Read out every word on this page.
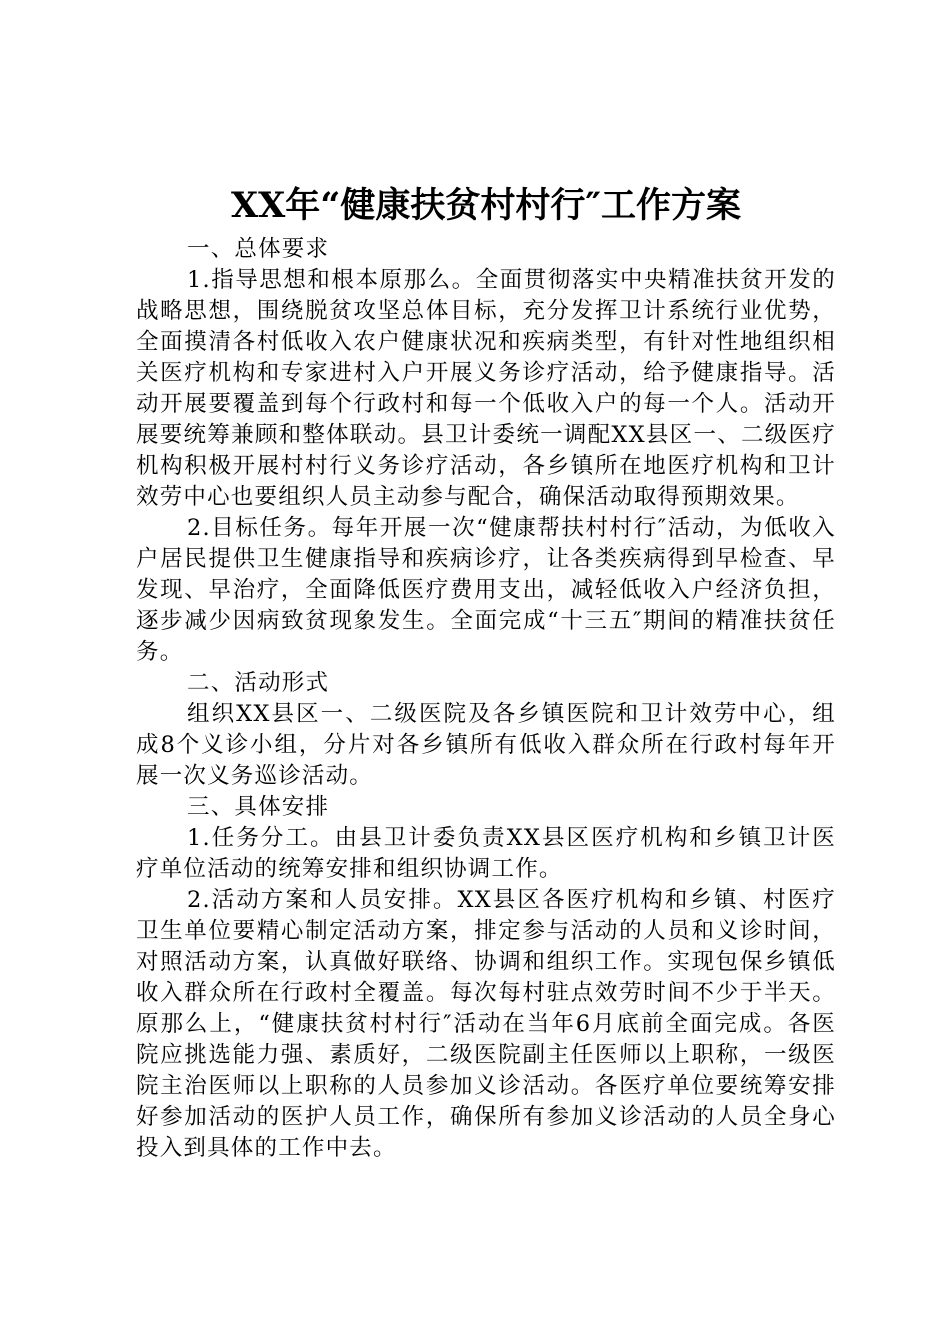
XX年“健康扶贫村村行″工作方案

一、总体要求

1.指导思想和根本原那么。全面贯彻落实中央精准扶贫开发的战略思想，围绕脱贫攻坚总体目标，充分发挥卫计系统行业优势，全面摸清各村低收入农户健康状况和疾病类型，有针对性地组织相关医疗机构和专家进村入户开展义务诊疗活动，给予健康指导。活动开展要覆盖到每个行政村和每一个低收入户的每一个人。活动开展要统筹兼顾和整体联动。县卫计委统一调配XX县区一、二级医疗机构积极开展村村行义务诊疗活动，各乡镇所在地医疗机构和卫计效劳中心也要组织人员主动参与配合，确保活动取得预期效果。

2.目标任务。每年开展一次“健康帮扶村村行″活动，为低收入户居民提供卫生健康指导和疾病诊疗，让各类疾病得到早检查、早发现、早治疗，全面降低医疗费用支出，减轻低收入户经济负担，逐步减少因病致贫现象发生。全面完成“十三五″期间的精准扶贫任务。

二、活动形式

组织XX县区一、二级医院及各乡镇医院和卫计效劳中心，组成8个义诊小组，分片对各乡镇所有低收入群众所在行政村每年开展一次义务巡诊活动。

三、具体安排

1.任务分工。由县卫计委负责XX县区医疗机构和乡镇卫计医疗单位活动的统筹安排和组织协调工作。

2.活动方案和人员安排。XX县区各医疗机构和乡镇、村医疗卫生单位要精心制定活动方案，排定参与活动的人员和义诊时间，对照活动方案，认真做好联络、协调和组织工作。实现包保乡镇低收入群众所在行政村全覆盖。每次每村驻点效劳时间不少于半天。原那么上，“健康扶贫村村行″活动在当年6月底前全面完成。各医院应挑选能力强、素质好，二级医院副主任医师以上职称，一级医院主治医师以上职称的人员参加义诊活动。各医疗单位要统筹安排好参加活动的医护人员工作，确保所有参加义诊活动的人员全身心投入到具体的工作中去。
